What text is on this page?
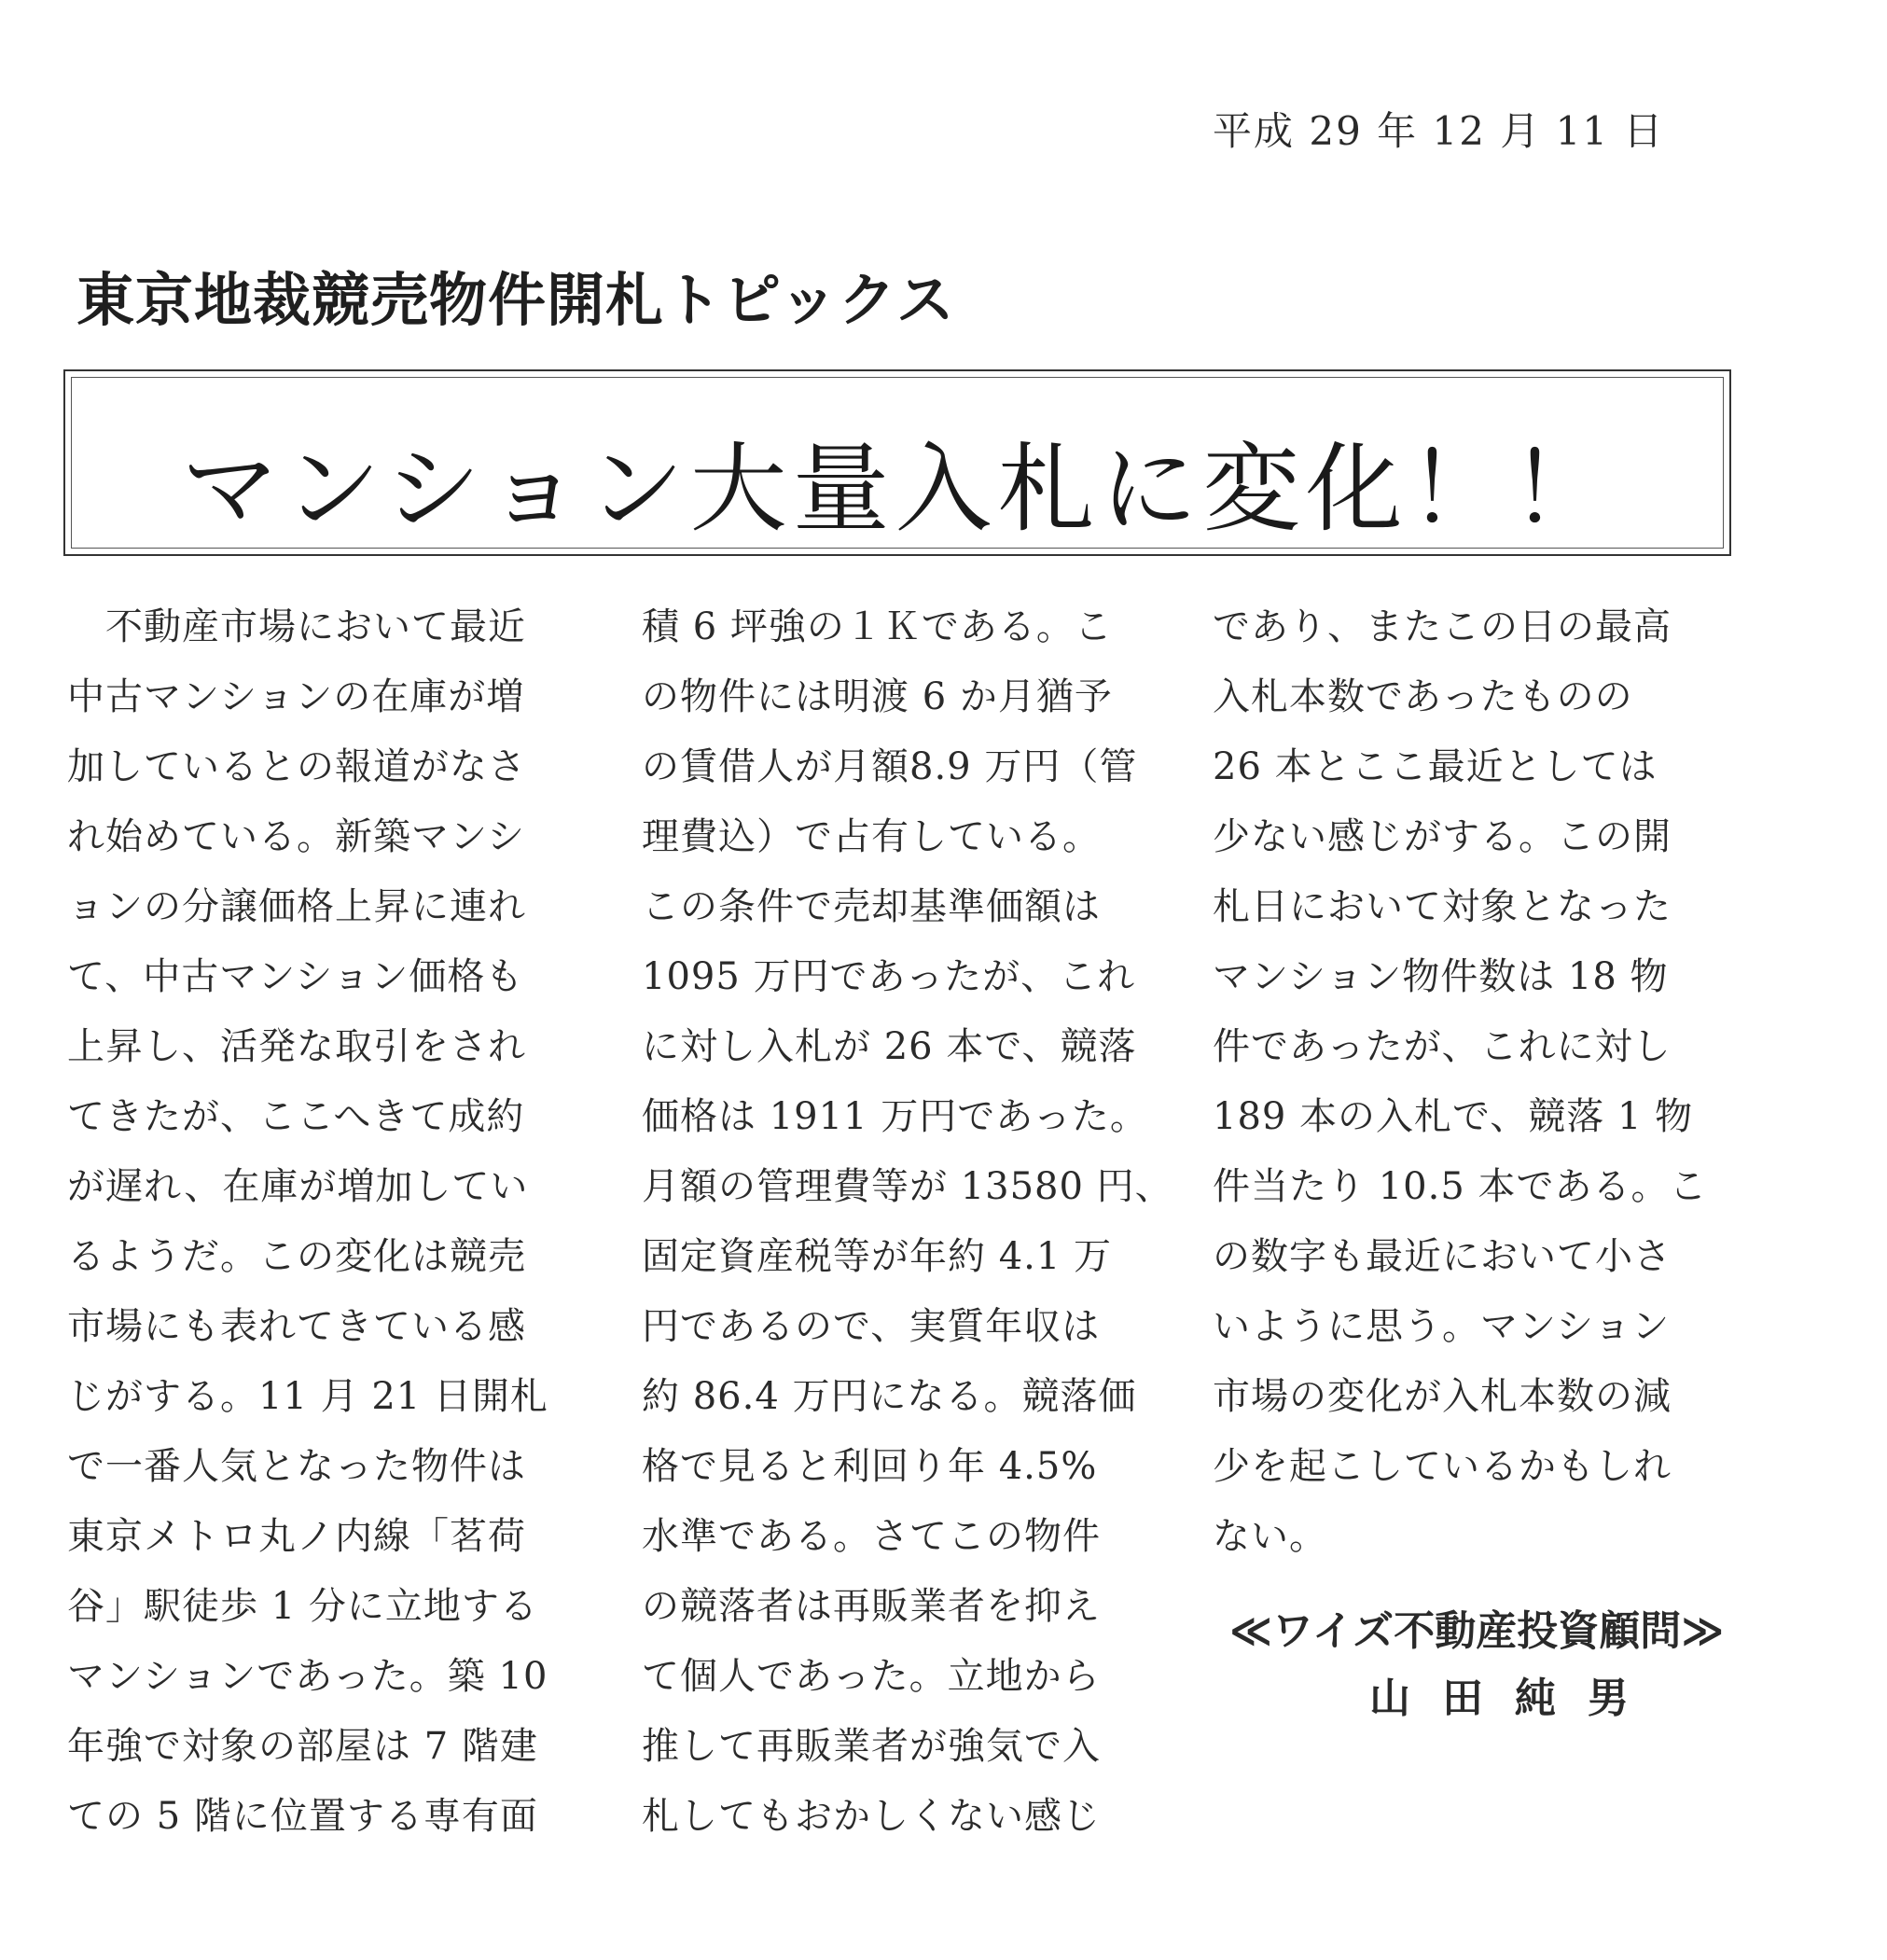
平成 29 年 12 月 11 日
東京地裁競売物件開札トピックス
マンション大量入札に変化！！
　不動産市場において最近
中古マンションの在庫が増
加しているとの報道がなさ
れ始めている。新築マンシ
ョンの分譲価格上昇に連れ
て、中古マンション価格も
上昇し、活発な取引をされ
てきたが、ここへきて成約
が遅れ、在庫が増加してい
るようだ。この変化は競売
市場にも表れてきている感
じがする。11 月 21 日開札
で一番人気となった物件は
東京メトロ丸ノ内線「茗荷
谷」駅徒歩 1 分に立地する
マンションであった。築 10
年強で対象の部屋は 7 階建
ての 5 階に位置する専有面
積 6 坪強の１Ｋである。こ
の物件には明渡 6 か月猶予
の賃借人が月額8.9 万円（管
理費込）で占有している。
この条件で売却基準価額は
1095 万円であったが、これ
に対し入札が 26 本で、競落
価格は 1911 万円であった。
月額の管理費等が 13580 円、
固定資産税等が年約 4.1 万
円であるので、実質年収は
約 86.4 万円になる。競落価
格で見ると利回り年 4.5%
水準である。さてこの物件
の競落者は再販業者を抑え
て個人であった。立地から
推して再販業者が強気で入
札してもおかしくない感じ
であり、またこの日の最高
入札本数であったものの
26 本とここ最近としては
少ない感じがする。この開
札日において対象となった
マンション物件数は 18 物
件であったが、これに対し
189 本の入札で、競落 1 物
件当たり 10.5 本である。こ
の数字も最近において小さ
いように思う。マンション
市場の変化が入札本数の減
少を起こしているかもしれ
ない。
≪ワイズ不動産投資顧問≫
山田純男
